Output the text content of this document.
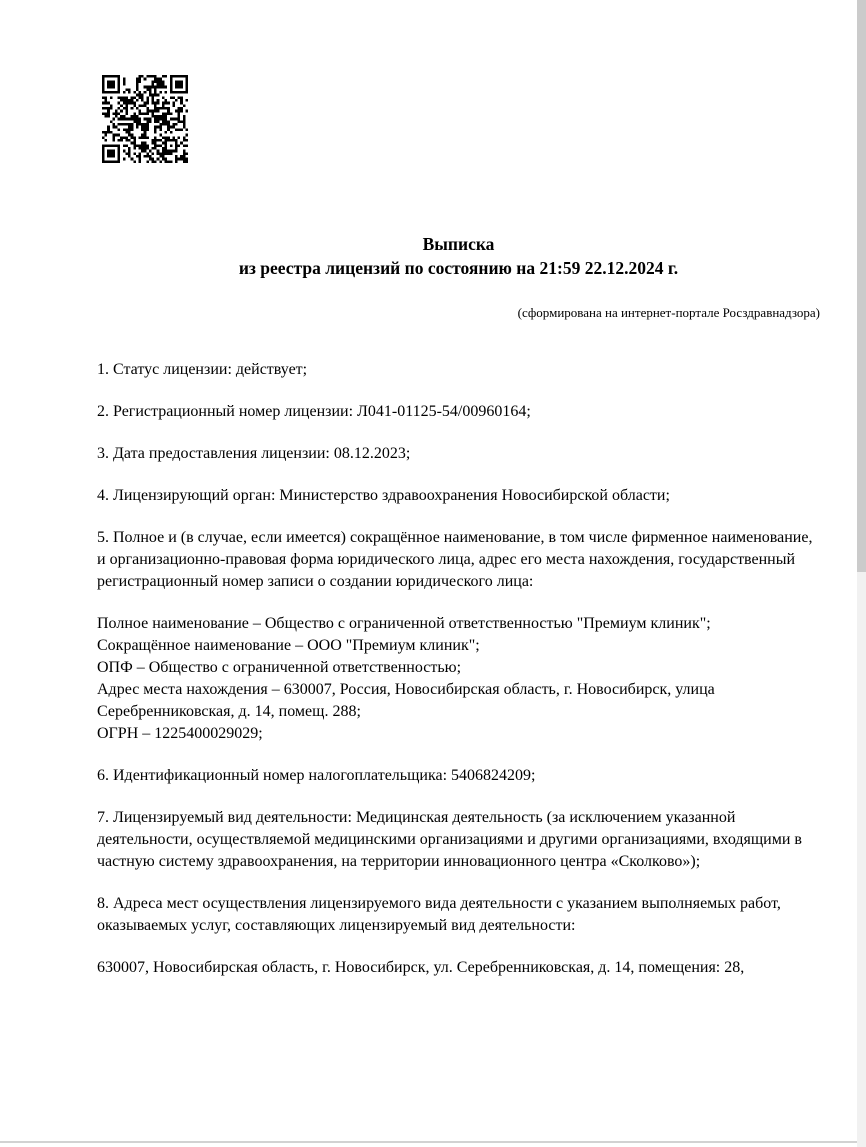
Выписка
из реестра лицензий по состоянию на 21:59 22.12.2024 г.
(сформирована на интернет-портале Росздравнадзора)

1. Статус лицензии: действует;

2. Регистрационный номер лицензии: Л041-01125-54/00960164;

3. Дата предоставления лицензии: 08.12.2023;

4. Лицензирующий орган: Министерство здравоохранения Новосибирской области;

5. Полное и (в случае, если имеется) сокращённое наименование, в том числе фирменное наименование, и организационно-правовая форма юридического лица, адрес его места нахождения, государственный регистрационный номер записи о создании юридического лица:

Полное наименование – Общество с ограниченной ответственностью "Премиум клиник";
Сокращённое наименование – ООО "Премиум клиник";
ОПФ – Общество с ограниченной ответственностью;
Адрес места нахождения – 630007, Россия, Новосибирская область, г. Новосибирск, улица Серебренниковская, д. 14, помещ. 288;
ОГРН – 1225400029029;

6. Идентификационный номер налогоплательщика: 5406824209;

7. Лицензируемый вид деятельности: Медицинская деятельность (за исключением указанной деятельности, осуществляемой медицинскими организациями и другими организациями, входящими в частную систему здравоохранения, на территории инновационного центра «Сколково»);

8. Адреса мест осуществления лицензируемого вида деятельности с указанием выполняемых работ, оказываемых услуг, составляющих лицензируемый вид деятельности:

630007, Новосибирская область, г. Новосибирск, ул. Серебренниковская, д. 14, помещения: 28,
